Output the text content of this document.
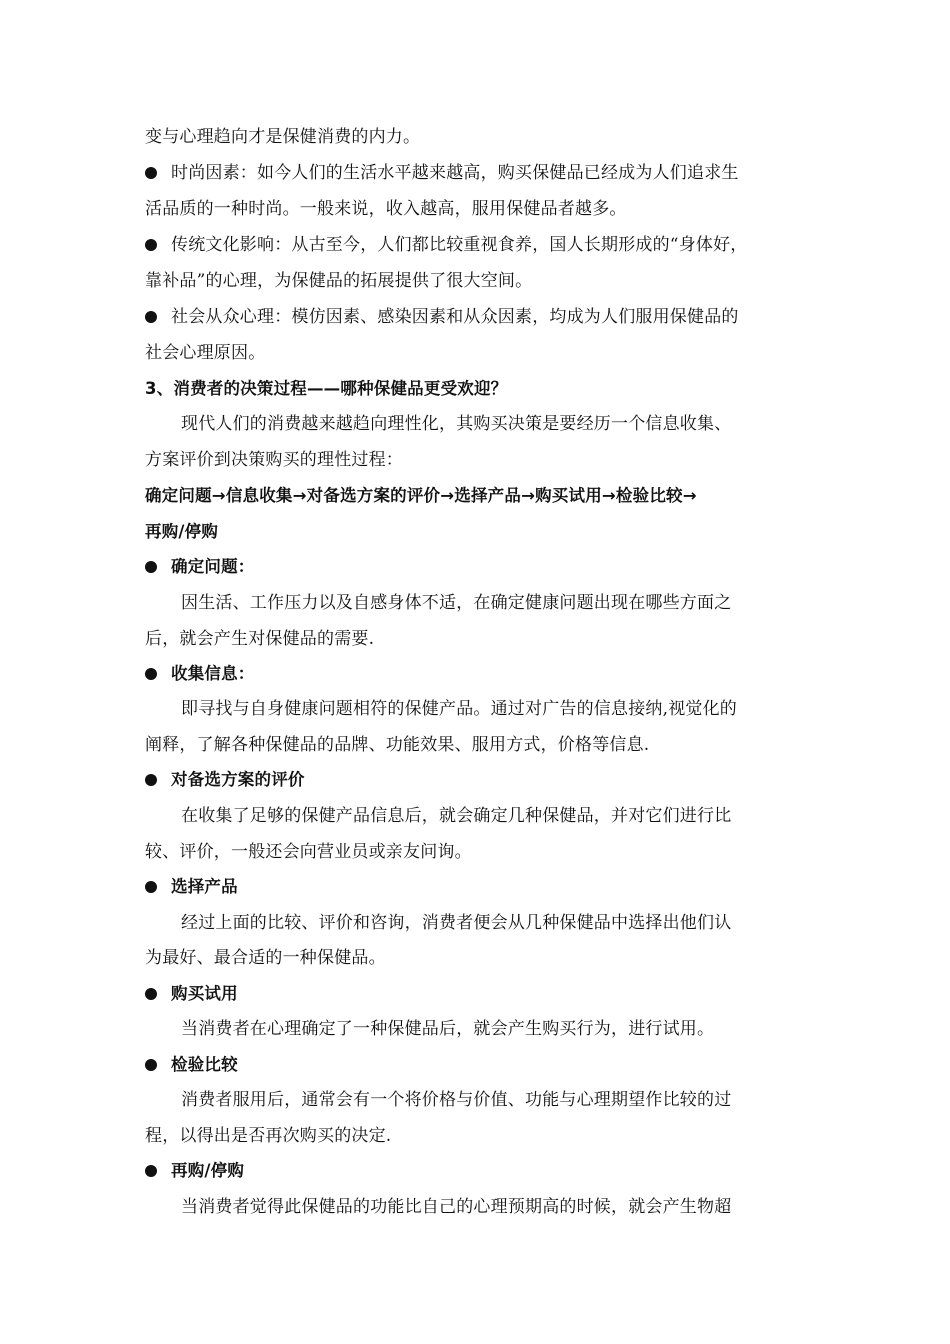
变与心理趋向才是保健消费的内力。
时尚因素：如今人们的生活水平越来越高，购买保健品已经成为人们追求生
活品质的一种时尚。一般来说，收入越高，服用保健品者越多。
传统文化影响：从古至今，人们都比较重视食养，国人长期形成的“身体好，
靠补品”的心理，为保健品的拓展提供了很大空间。
社会从众心理：模仿因素、感染因素和从众因素，均成为人们服用保健品的
社会心理原因。
3、消费者的决策过程——哪种保健品更受欢迎？
现代人们的消费越来越趋向理性化，其购买决策是要经历一个信息收集、
方案评价到决策购买的理性过程：
确定问题→信息收集→对备选方案的评价→选择产品→购买试用→检验比较→
再购/停购
确定问题：
因生活、工作压力以及自感身体不适，在确定健康问题出现在哪些方面之
后，就会产生对保健品的需要.
收集信息：
即寻找与自身健康问题相符的保健产品。通过对广告的信息接纳,视觉化的
阐释，了解各种保健品的品牌、功能效果、服用方式，价格等信息.
对备选方案的评价
在收集了足够的保健产品信息后，就会确定几种保健品，并对它们进行比
较、评价，一般还会向营业员或亲友问询。
选择产品
经过上面的比较、评价和咨询，消费者便会从几种保健品中选择出他们认
为最好、最合适的一种保健品。
购买试用
当消费者在心理确定了一种保健品后，就会产生购买行为，进行试用。
检验比较
消费者服用后，通常会有一个将价格与价值、功能与心理期望作比较的过
程，以得出是否再次购买的决定.
再购/停购
当消费者觉得此保健品的功能比自己的心理预期高的时候，就会产生物超
